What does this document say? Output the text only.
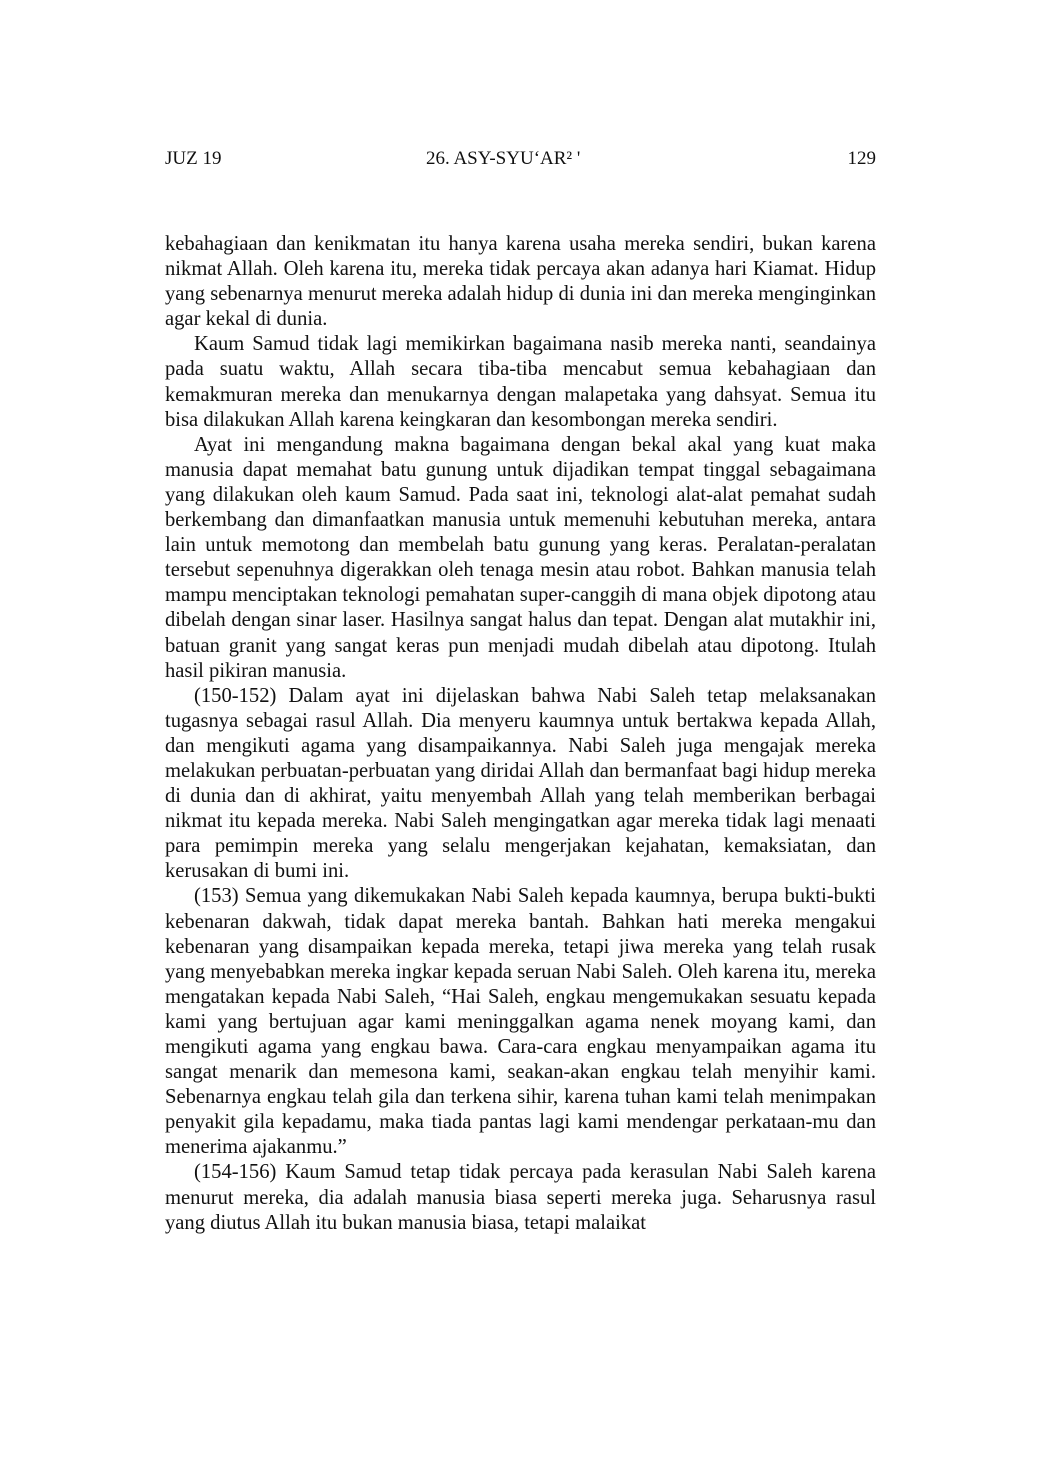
JUZ 19	26. ASY-SYU‘AR² '	129

kebahagiaan dan kenikmatan itu hanya karena usaha mereka sendiri, bukan karena nikmat Allah. Oleh karena itu, mereka tidak percaya akan adanya hari Kiamat. Hidup yang sebenarnya menurut mereka adalah hidup di dunia ini dan mereka menginginkan agar kekal di dunia.

Kaum Samud tidak lagi memikirkan bagaimana nasib mereka nanti, seandainya pada suatu waktu, Allah secara tiba-tiba mencabut semua kebahagiaan dan kemakmuran mereka dan menukarnya dengan malapetaka yang dahsyat. Semua itu bisa dilakukan Allah karena keingkaran dan kesombongan mereka sendiri.

Ayat ini mengandung makna bagaimana dengan bekal akal yang kuat maka manusia dapat memahat batu gunung untuk dijadikan tempat tinggal sebagaimana yang dilakukan oleh kaum Samud. Pada saat ini, teknologi alat-alat pemahat sudah berkembang dan dimanfaatkan manusia untuk memenuhi kebutuhan mereka, antara lain untuk memotong dan membelah batu gunung yang keras. Peralatan-peralatan tersebut sepenuhnya digerakkan oleh tenaga mesin atau robot. Bahkan manusia telah mampu menciptakan teknologi pemahatan super-canggih di mana objek dipotong atau dibelah dengan sinar laser. Hasilnya sangat halus dan tepat. Dengan alat mutakhir ini, batuan granit yang sangat keras pun menjadi mudah dibelah atau dipotong. Itulah hasil pikiran manusia.

(150-152) Dalam ayat ini dijelaskan bahwa Nabi Saleh tetap melaksanakan tugasnya sebagai rasul Allah. Dia menyeru kaumnya untuk bertakwa kepada Allah, dan mengikuti agama yang disampaikannya. Nabi Saleh juga mengajak mereka melakukan perbuatan-perbuatan yang diridai Allah dan bermanfaat bagi hidup mereka di dunia dan di akhirat, yaitu menyembah Allah yang telah memberikan berbagai nikmat itu kepada mereka. Nabi Saleh mengingatkan agar mereka tidak lagi menaati para pemimpin mereka yang selalu mengerjakan kejahatan, kemaksiatan, dan kerusakan di bumi ini.

(153) Semua yang dikemukakan Nabi Saleh kepada kaumnya, berupa bukti-bukti kebenaran dakwah, tidak dapat mereka bantah. Bahkan hati mereka mengakui kebenaran yang disampaikan kepada mereka, tetapi jiwa mereka yang telah rusak yang menyebabkan mereka ingkar kepada seruan Nabi Saleh. Oleh karena itu, mereka mengatakan kepada Nabi Saleh, “Hai Saleh, engkau mengemukakan sesuatu kepada kami yang bertujuan agar kami meninggalkan agama nenek moyang kami, dan mengikuti agama yang engkau bawa. Cara-cara engkau menyampaikan agama itu sangat menarik dan memesona kami, seakan-akan engkau telah menyihir kami. Sebenarnya engkau telah gila dan terkena sihir, karena tuhan kami telah menimpakan penyakit gila kepadamu, maka tiada pantas lagi kami mendengar perkataan-mu dan menerima ajakanmu.”

(154-156) Kaum Samud tetap tidak percaya pada kerasulan Nabi Saleh karena menurut mereka, dia adalah manusia biasa seperti mereka juga. Seharusnya rasul yang diutus Allah itu bukan manusia biasa, tetapi malaikat
